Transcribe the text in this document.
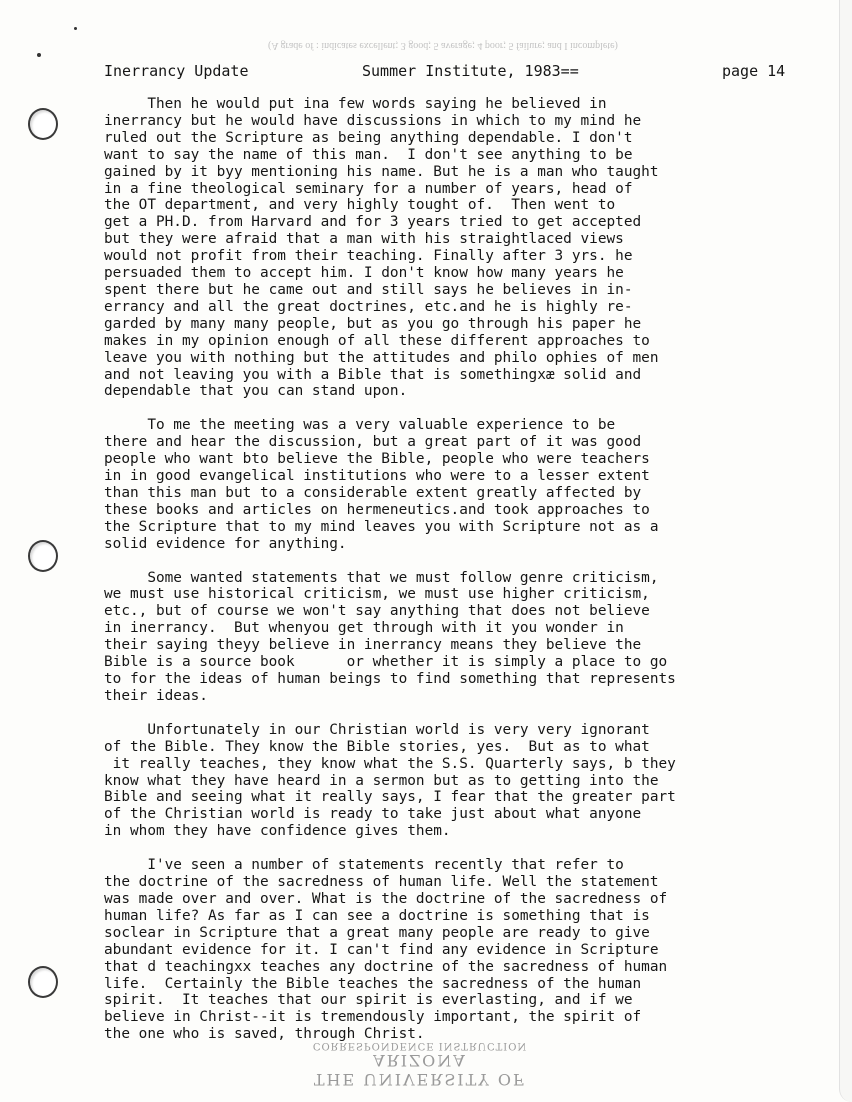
(A grade of : indicates excellent; 3 good; 5 average; 4 poor; 5 failure; and I incomplete)

Inerrancy Update

	Summer Institute, 1983==

	page 14

Then he would put ina few words saying he believed in
inerrancy but he would have discussions in which to my mind he
ruled out the Scripture as being anything dependable. I don't
want to say the name of this man.  I don't see anything to be
gained by it byy mentioning his name. But he is a man who taught
in a fine theological seminary for a number of years, head of
the OT department, and very highly tought of.  Then went to
get a PH.D. from Harvard and for 3 years tried to get accepted
but they were afraid that a man with his straightlaced views
would not profit from their teaching. Finally after 3 yrs. he
persuaded them to accept him. I don't know how many years he
spent there but he came out and still says he believes in in-
errancy and all the great doctrines, etc.and he is highly re-
garded by many many people, but as you go through his paper he
makes in my opinion enough of all these different approaches to
leave you with nothing but the attitudes and philo ophies of men
and not leaving you with a Bible that is somethingxæ solid and
dependable that you can stand upon.

To me the meeting was a very valuable experience to be
there and hear the discussion, but a great part of it was good
people who want bto believe the Bible, people who were teachers
in in good evangelical institutions who were to a lesser extent
than this man but to a considerable extent greatly affected by
these books and articles on hermeneutics.and took approaches to
the Scripture that to my mind leaves you with Scripture not as a
solid evidence for anything.

Some wanted statements that we must follow genre criticism,
we must use historical criticism, we must use higher criticism,
etc., but of course we won't say anything that does not believe
in inerrancy.  But whenyou get through with it you wonder in
their saying theyy believe in inerrancy means they believe the
Bible is a source book      or whether it is simply a place to go
to for the ideas of human beings to find something that represents
their ideas.

Unfortunately in our Christian world is very very ignorant
of the Bible. They know the Bible stories, yes.  But as to what
it really teaches, they know what the S.S. Quarterly says, b they
know what they have heard in a sermon but as to getting into the
Bible and seeing what it really says, I fear that the greater part
of the Christian world is ready to take just about what anyone
in whom they have confidence gives them.

I've seen a number of statements recently that refer to
the doctrine of the sacredness of human life. Well the statement
was made over and over. What is the doctrine of the sacredness of
human life? As far as I can see a doctrine is something that is
soclear in Scripture that a great many people are ready to give
abundant evidence for it. I can't find any evidence in Scripture
that d teachingxx teaches any doctrine of the sacredness of human
life.  Certainly the Bible teaches the sacredness of the human
spirit.  It teaches that our spirit is everlasting, and if we
believe in Christ--it is tremendously important, the spirit of
the one who is saved, through Christ.

THE UNIVERSITY OF ARIZONA
CORRESPONDENCE INSTRUCTION
